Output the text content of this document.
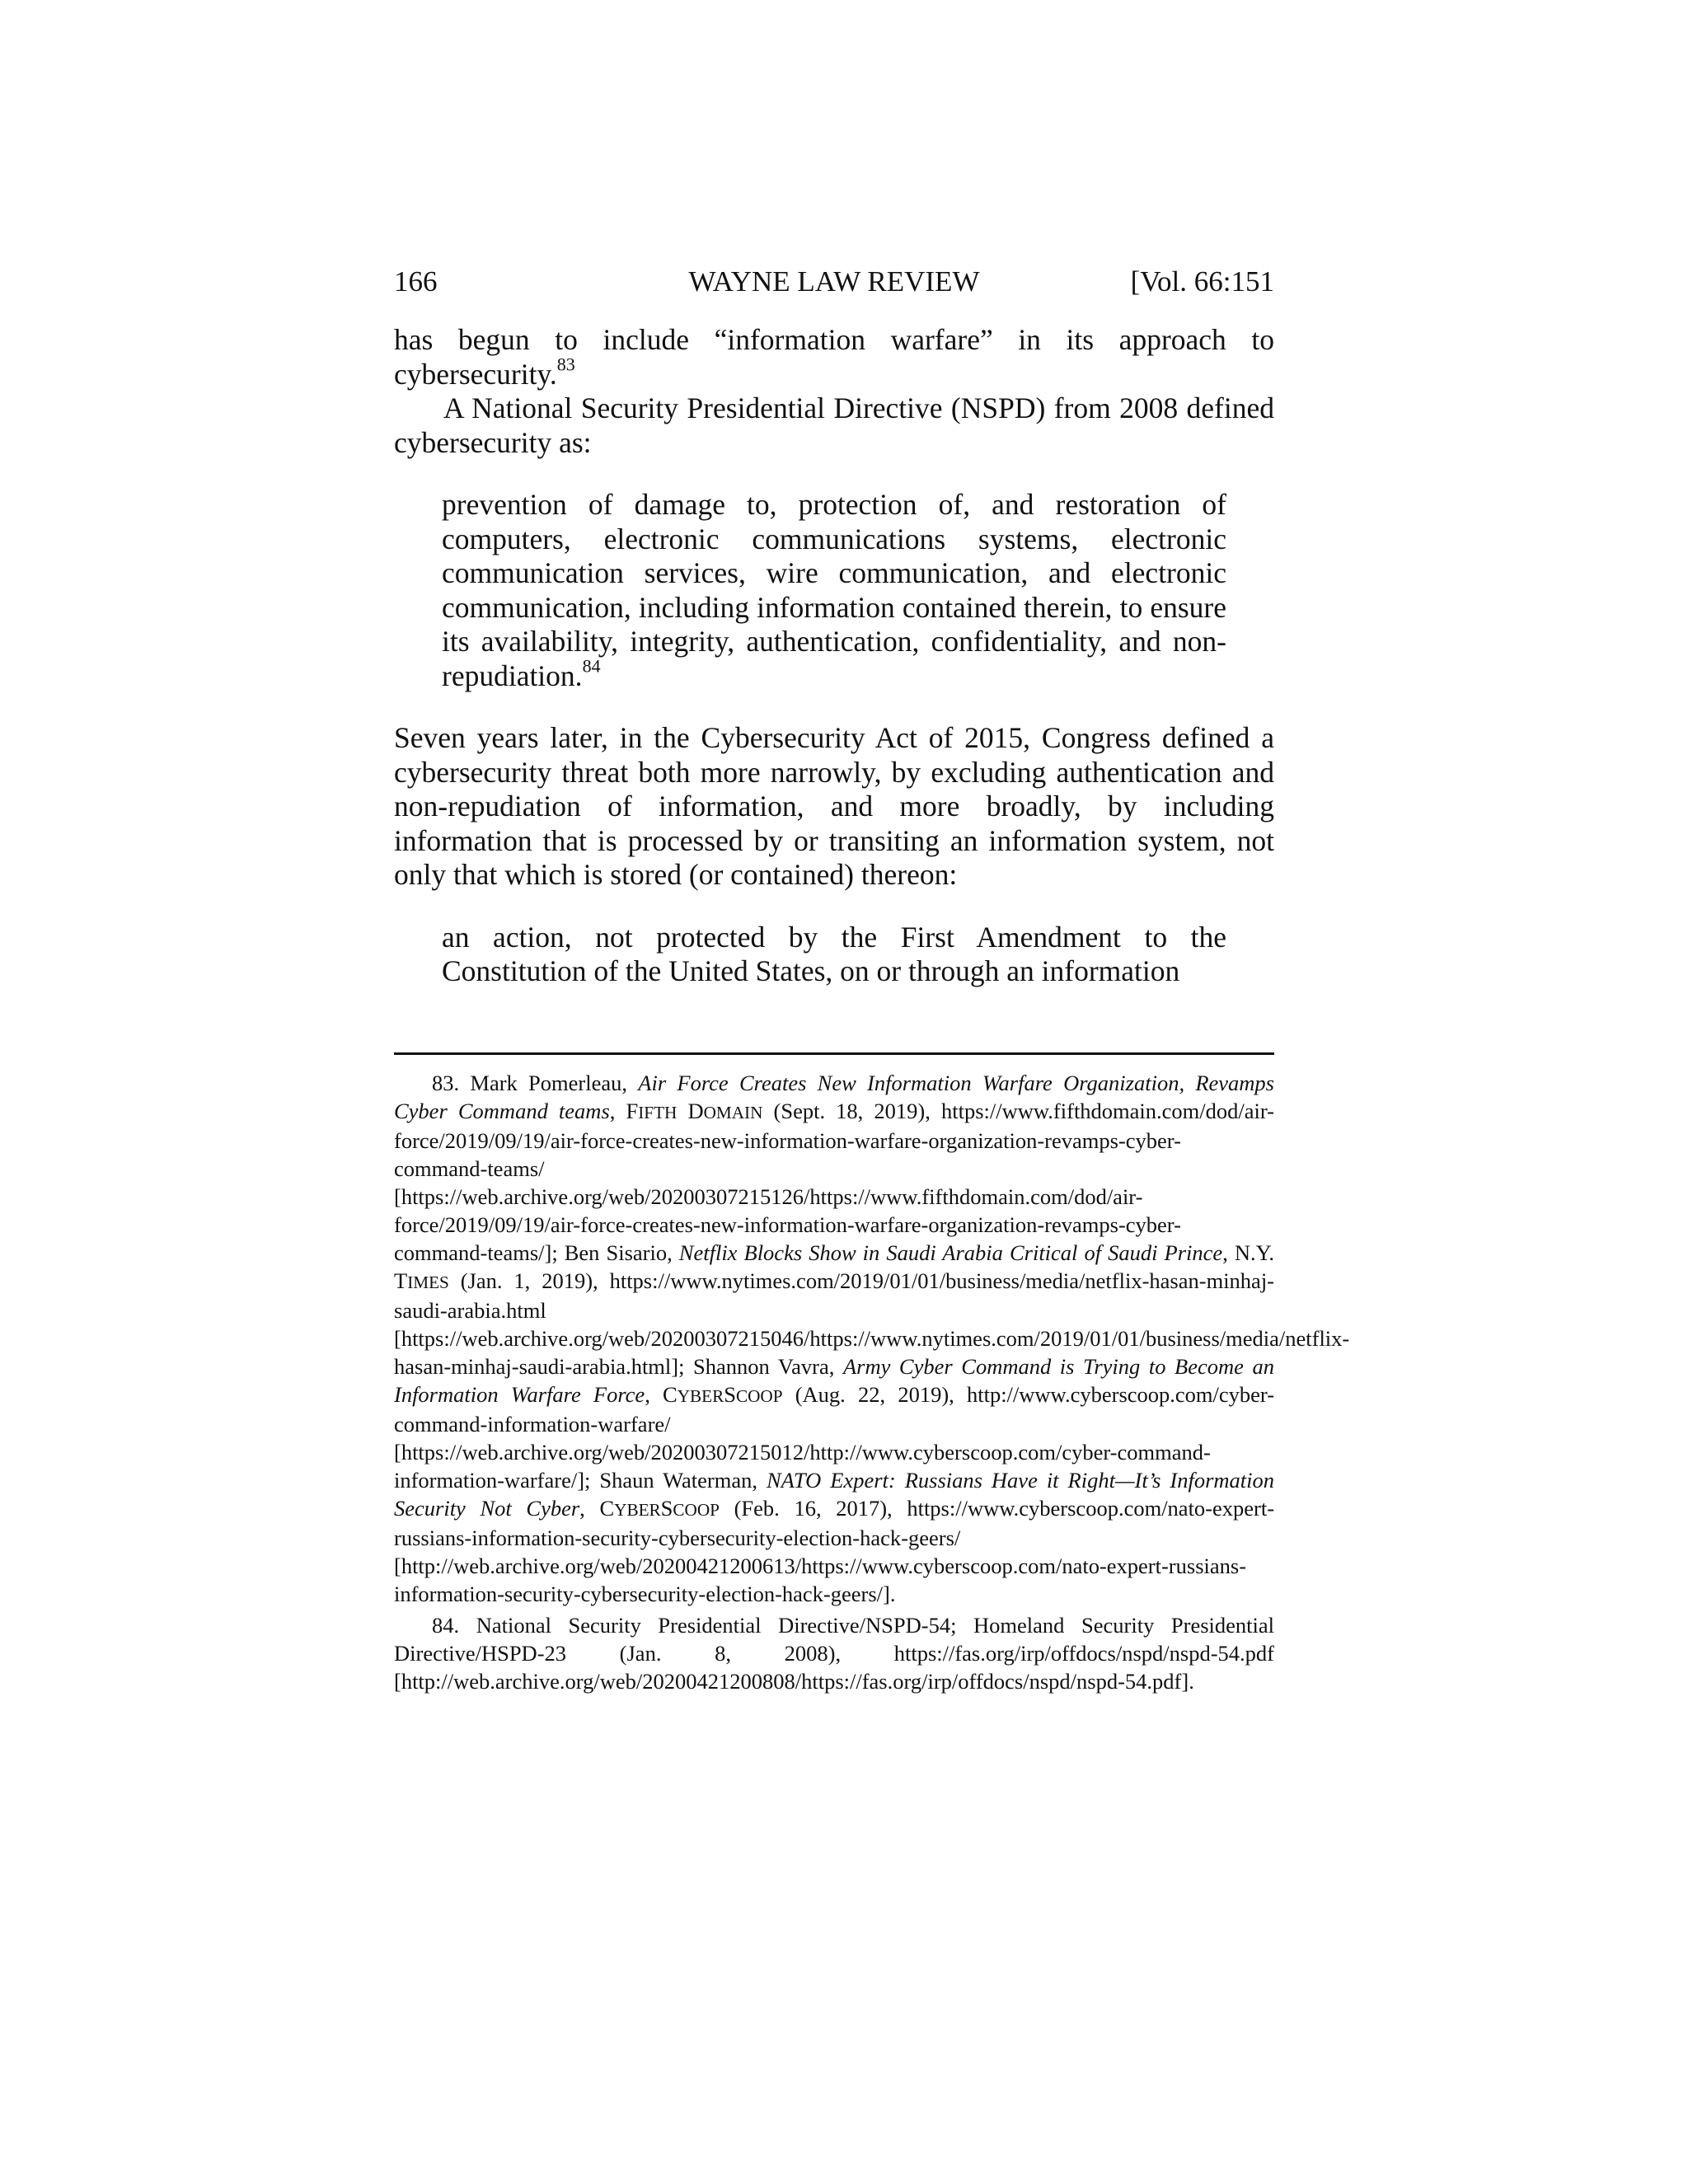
166	WAYNE LAW REVIEW	[Vol. 66:151

has begun to include “information warfare” in its approach to cybersecurity.$^{83}$

A National Security Presidential Directive (NSPD) from 2008 defined cybersecurity as:

prevention of damage to, protection of, and restoration of computers, electronic communications systems, electronic communication services, wire communication, and electronic communication, including information contained therein, to ensure its availability, integrity, authentication, confidentiality, and non-repudiation.$^{84}$

Seven years later, in the Cybersecurity Act of 2015, Congress defined a cybersecurity threat both more narrowly, by excluding authentication and non-repudiation of information, and more broadly, by including information that is processed by or transiting an information system, not only that which is stored (or contained) thereon:

an action, not protected by the First Amendment to the Constitution of the United States, on or through an information

83. Mark Pomerleau, Air Force Creates New Information Warfare Organization, Revamps Cyber Command teams, FIFTH DOMAIN (Sept. 18, 2019), https://www.fifthdomain.com/dod/air-force/2019/09/19/air-force-creates-new-information-warfare-organization-revamps-cyber-command-teams/ [https://web.archive.org/web/20200307215126/https://www.fifthdomain.com/dod/air-force/2019/09/19/air-force-creates-new-information-warfare-organization-revamps-cyber-command-teams/]; Ben Sisario, Netflix Blocks Show in Saudi Arabia Critical of Saudi Prince, N.Y. TIMES (Jan. 1, 2019), https://www.nytimes.com/2019/01/01/business/media/netflix-hasan-minhaj-saudi-arabia.html [https://web.archive.org/web/20200307215046/https://www.nytimes.com/2019/01/01/business/media/netflix-hasan-minhaj-saudi-arabia.html]; Shannon Vavra, Army Cyber Command is Trying to Become an Information Warfare Force, CYBERSCOOP (Aug. 22, 2019), http://www.cyberscoop.com/cyber-command-information-warfare/ [https://web.archive.org/web/20200307215012/http://www.cyberscoop.com/cyber-command-information-warfare/]; Shaun Waterman, NATO Expert: Russians Have it Right—It’s Information Security Not Cyber, CYBERSCOOP (Feb. 16, 2017), https://www.cyberscoop.com/nato-expert-russians-information-security-cybersecurity-election-hack-geers/ [http://web.archive.org/web/20200421200613/https://www.cyberscoop.com/nato-expert-russians-information-security-cybersecurity-election-hack-geers/].

84. National Security Presidential Directive/NSPD-54; Homeland Security Presidential Directive/HSPD-23 (Jan. 8, 2008), https://fas.org/irp/offdocs/nspd/nspd-54.pdf [http://web.archive.org/web/20200421200808/https://fas.org/irp/offdocs/nspd/nspd-54.pdf].
